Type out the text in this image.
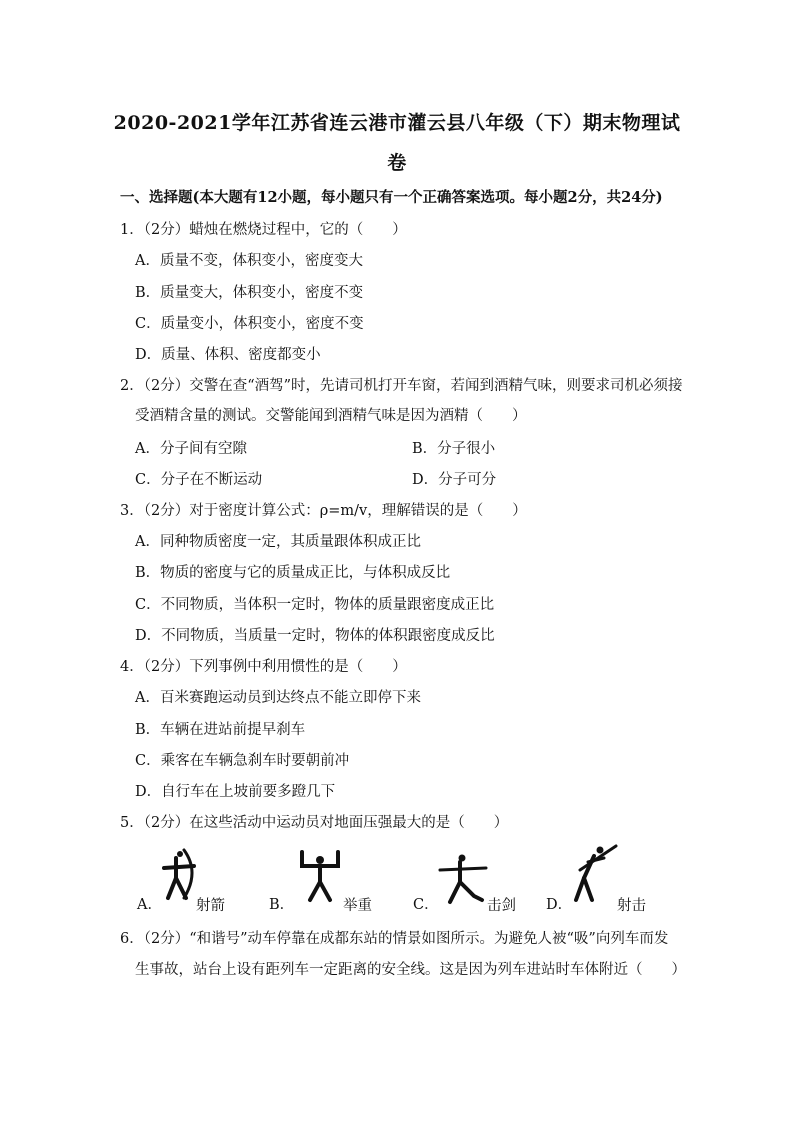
2020-2021学年江苏省连云港市灌云县八年级（下）期末物理试
卷
一、选择题(本大题有12小题，每小题只有一个正确答案选项。每小题2分，共24分)
1．（2分）蜡烛在燃烧过程中，它的（　　）
A．质量不变，体积变小，密度变大
B．质量变大，体积变小，密度不变
C．质量变小，体积变小，密度不变
D．质量、体积、密度都变小
2．（2分）交警在查“酒驾”时，先请司机打开车窗，若闻到酒精气味，则要求司机必须接
受酒精含量的测试。交警能闻到酒精气味是因为酒精（　　）
A．分子间有空隙	B．分子很小
C．分子在不断运动	D．分子可分
3．（2分）对于密度计算公式：ρ=m/v，理解错误的是（　　）
A．同种物质密度一定，其质量跟体积成正比
B．物质的密度与它的质量成正比，与体积成反比
C．不同物质，当体积一定时，物体的质量跟密度成正比
D．不同物质，当质量一定时，物体的体积跟密度成反比
4．（2分）下列事例中利用惯性的是（　　）
A．百米赛跑运动员到达终点不能立即停下来
B．车辆在进站前提早刹车
C．乘客在车辆急刹车时要朝前冲
D．自行车在上坡前要多蹬几下
5．（2分）在这些活动中运动员对地面压强最大的是（　　）
A． 射箭	B．	举重	C．	击剑 D．	射击
6．（2分）“和谐号”动车停靠在成都东站的情景如图所示。为避免人被“吸”向列车而发
生事故，站台上设有距列车一定距离的安全线。这是因为列车进站时车体附近（　　）
